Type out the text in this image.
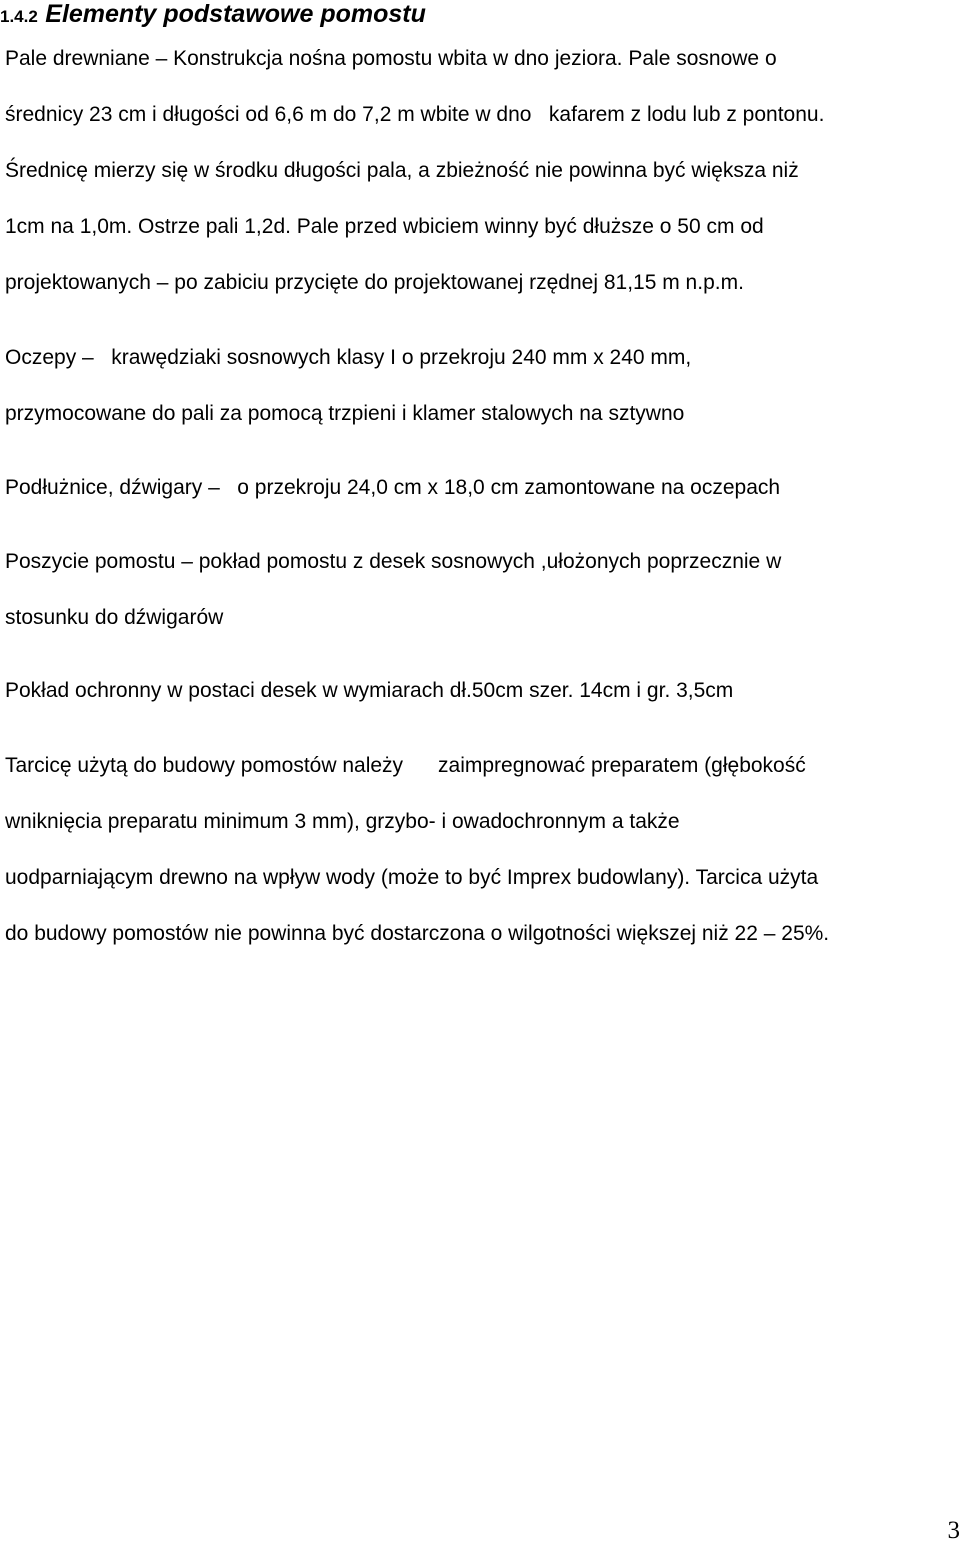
1.4.2 Elementy podstawowe pomostu
Pale drewniane – Konstrukcja nośna pomostu wbita w dno jeziora. Pale sosnowe o
średnicy 23 cm i długości od 6,6 m do 7,2 m wbite w dno   kafarem z lodu lub z pontonu.
Średnicę mierzy się w środku długości pala, a zbieżność nie powinna być większa niż
1cm na 1,0m. Ostrze pali 1,2d. Pale przed wbiciem winny być dłuższe o 50 cm od
projektowanych – po zabiciu przycięte do projektowanej rzędnej 81,15 m n.p.m.
Oczepy –   krawędziaki sosnowych klasy I o przekroju 240 mm x 240 mm,
przymocowane do pali za pomocą trzpieni i klamer stalowych na sztywno
Podłużnice, dźwigary –   o przekroju 24,0 cm x 18,0 cm zamontowane na oczepach
Poszycie pomostu – pokład pomostu z desek sosnowych ,ułożonych poprzecznie w
stosunku do dźwigarów
Pokład ochronny w postaci desek w wymiarach dł.50cm szer. 14cm i gr. 3,5cm
Tarcicę użytą do budowy pomostów należy      zaimpregnować preparatem (głębokość
wniknięcia preparatu minimum 3 mm), grzybo- i owadochronnym a także
uodparniającym drewno na wpływ wody (może to być Imprex budowlany). Tarcica użyta
do budowy pomostów nie powinna być dostarczona o wilgotności większej niż 22 – 25%.
3
